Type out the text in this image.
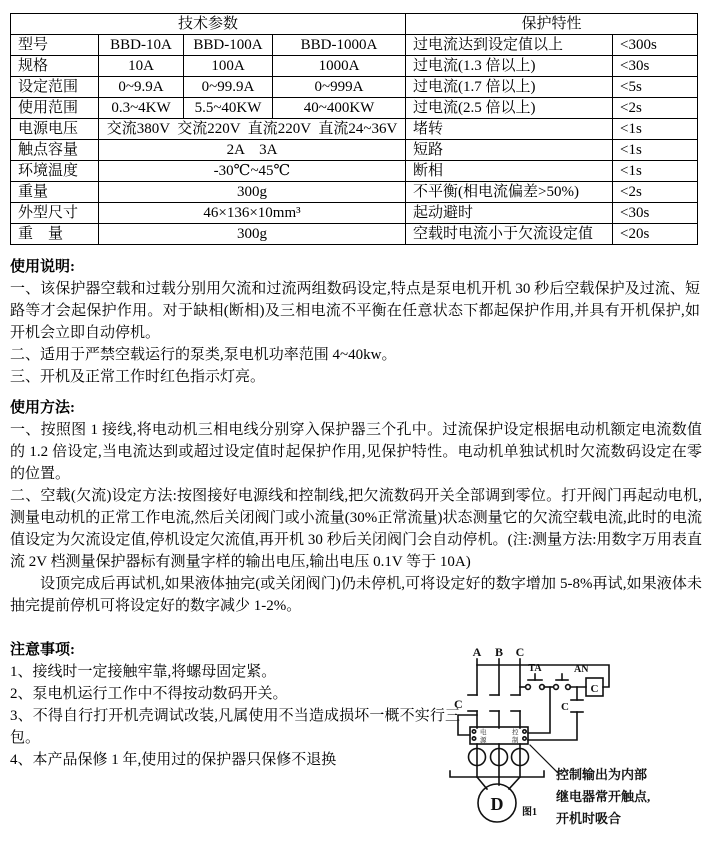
技术参数				保护特性	
型号	BBD-10A	BBD-100A	BBD-1000A	过电流达到设定值以上	<300s
规格	10A	100A	1000A	过电流(1.3 倍以上)	<30s
设定范围	0~9.9A	0~99.9A	0~999A	过电流(1.7 倍以上)	<5s
使用范围	0.3~4KW	5.5~40KW	40~400KW	过电流(2.5 倍以上)	<2s
电源电压	交流380V  交流220V  直流220V  直流24~36V			堵转	<1s
触点容量	2A    3A			短路	<1s
环境温度	-30℃~45℃			断相	<1s
重量	300g			不平衡(相电流偏差>50%)	<2s
外型尺寸	46×136×10mm³			起动避时	<30s
重　量	300g			空载时电流小于欠流设定值	<20s
使用说明:

一、该保护器空载和过载分别用欠流和过流两组数码设定,特点是泵电机开机 30 秒后空载保护及过流、短路等才会起保护作用。对于缺相(断相)及三相电流不平衡在任意状态下都起保护作用,并具有开机保护,如开机会立即自动停机。

二、适用于严禁空载运行的泵类,泵电机功率范围 4~40kw。

三、开机及正常工作时红色指示灯亮。

使用方法:

一、按照图 1 接线,将电动机三相电线分别穿入保护器三个孔中。过流保护设定根据电动机额定电流数值的 1.2 倍设定,当电流达到或超过设定值时起保护作用,见保护特性。电动机单独试机时欠流数码设定在零的位置。

二、空载(欠流)设定方法:按图接好电源线和控制线,把欠流数码开关全部调到零位。打开阀门再起动电机,测量电动机的正常工作电流,然后关闭阀门或小流量(30%正常流量)状态测量它的欠流空载电流,此时的电流值设定为欠流设定值,停机设定欠流值,再开机 30 秒后关闭阀门会自动停机。(注:测量方法:用数字万用表直流 2V 档测量保护器标有测量字样的输出电压,输出电压 0.1V 等于 10A)

设顶完成后再试机,如果液体抽完(或关闭阀门)仍未停机,可将设定好的数字增加 5-8%再试,如果液体未抽完提前停机可将设定好的数字减少 1-2%。

注意事项:

1、接线时一定接触牢靠,将螺母固定紧。

2、泵电机运行工作中不得按动数码开关。

3、不得自行打开机壳调试改装,凡属使用不当造成损坏一概不实行三包。

4、本产品保修 1 年,使用过的保护器只保修不退换

A B C
C
TA	AN
C
C
电源
控制
D 图1
控制输出为内部
继电器常开触点,
开机时吸合
